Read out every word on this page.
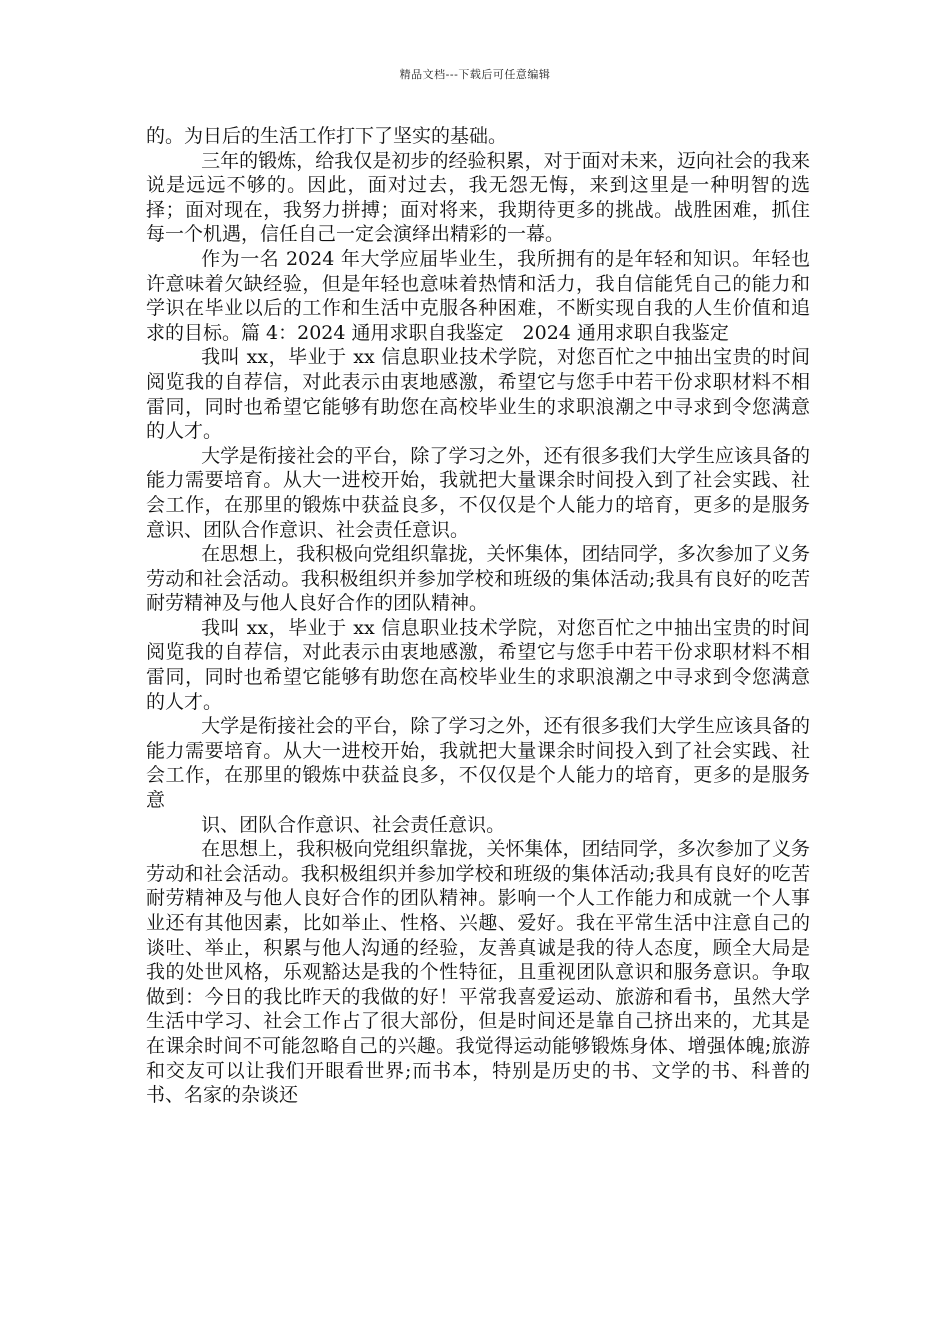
精品文档---下载后可任意编辑

的。为日后的生活工作打下了坚实的基础。

三年的锻炼，给我仅是初步的经验积累，对于面对未来，迈向社会的我来说是远远不够的。因此，面对过去，我无怨无悔，来到这里是一种明智的选择；面对现在，我努力拼搏；面对将来，我期待更多的挑战。战胜困难，抓住每一个机遇，信任自己一定会演绎出精彩的一幕。

作为一名 2024 年大学应届毕业生，我所拥有的是年轻和知识。年轻也许意味着欠缺经验，但是年轻也意味着热情和活力，我自信能凭自己的能力和学识在毕业以后的工作和生活中克服各种困难，不断实现自我的人生价值和追求的目标。篇 4：2024 通用求职自我鉴定　2024 通用求职自我鉴定

我叫 xx，毕业于 xx 信息职业技术学院，对您百忙之中抽出宝贵的时间阅览我的自荐信，对此表示由衷地感激，希望它与您手中若干份求职材料不相雷同，同时也希望它能够有助您在高校毕业生的求职浪潮之中寻求到令您满意的人才。

大学是衔接社会的平台，除了学习之外，还有很多我们大学生应该具备的能力需要培育。从大一进校开始，我就把大量课余时间投入到了社会实践、社会工作，在那里的锻炼中获益良多，不仅仅是个人能力的培育，更多的是服务意识、团队合作意识、社会责任意识。

在思想上，我积极向党组织靠拢，关怀集体，团结同学，多次参加了义务劳动和社会活动。我积极组织并参加学校和班级的集体活动;我具有良好的吃苦耐劳精神及与他人良好合作的团队精神。

我叫 xx，毕业于 xx 信息职业技术学院，对您百忙之中抽出宝贵的时间阅览我的自荐信，对此表示由衷地感激，希望它与您手中若干份求职材料不相雷同，同时也希望它能够有助您在高校毕业生的求职浪潮之中寻求到令您满意的人才。

大学是衔接社会的平台，除了学习之外，还有很多我们大学生应该具备的能力需要培育。从大一进校开始，我就把大量课余时间投入到了社会实践、社会工作，在那里的锻炼中获益良多，不仅仅是个人能力的培育，更多的是服务意

识、团队合作意识、社会责任意识。

在思想上，我积极向党组织靠拢，关怀集体，团结同学，多次参加了义务劳动和社会活动。我积极组织并参加学校和班级的集体活动;我具有良好的吃苦耐劳精神及与他人良好合作的团队精神。影响一个人工作能力和成就一个人事业还有其他因素，比如举止、性格、兴趣、爱好。我在平常生活中注意自己的谈吐、举止，积累与他人沟通的经验，友善真诚是我的待人态度，顾全大局是我的处世风格，乐观豁达是我的个性特征，且重视团队意识和服务意识。争取做到：今日的我比昨天的我做的好！平常我喜爱运动、旅游和看书，虽然大学生活中学习、社会工作占了很大部份，但是时间还是靠自己挤出来的，尤其是在课余时间不可能忽略自己的兴趣。我觉得运动能够锻炼身体、增强体魄;旅游和交友可以让我们开眼看世界;而书本，特别是历史的书、文学的书、科普的书、名家的杂谈还
